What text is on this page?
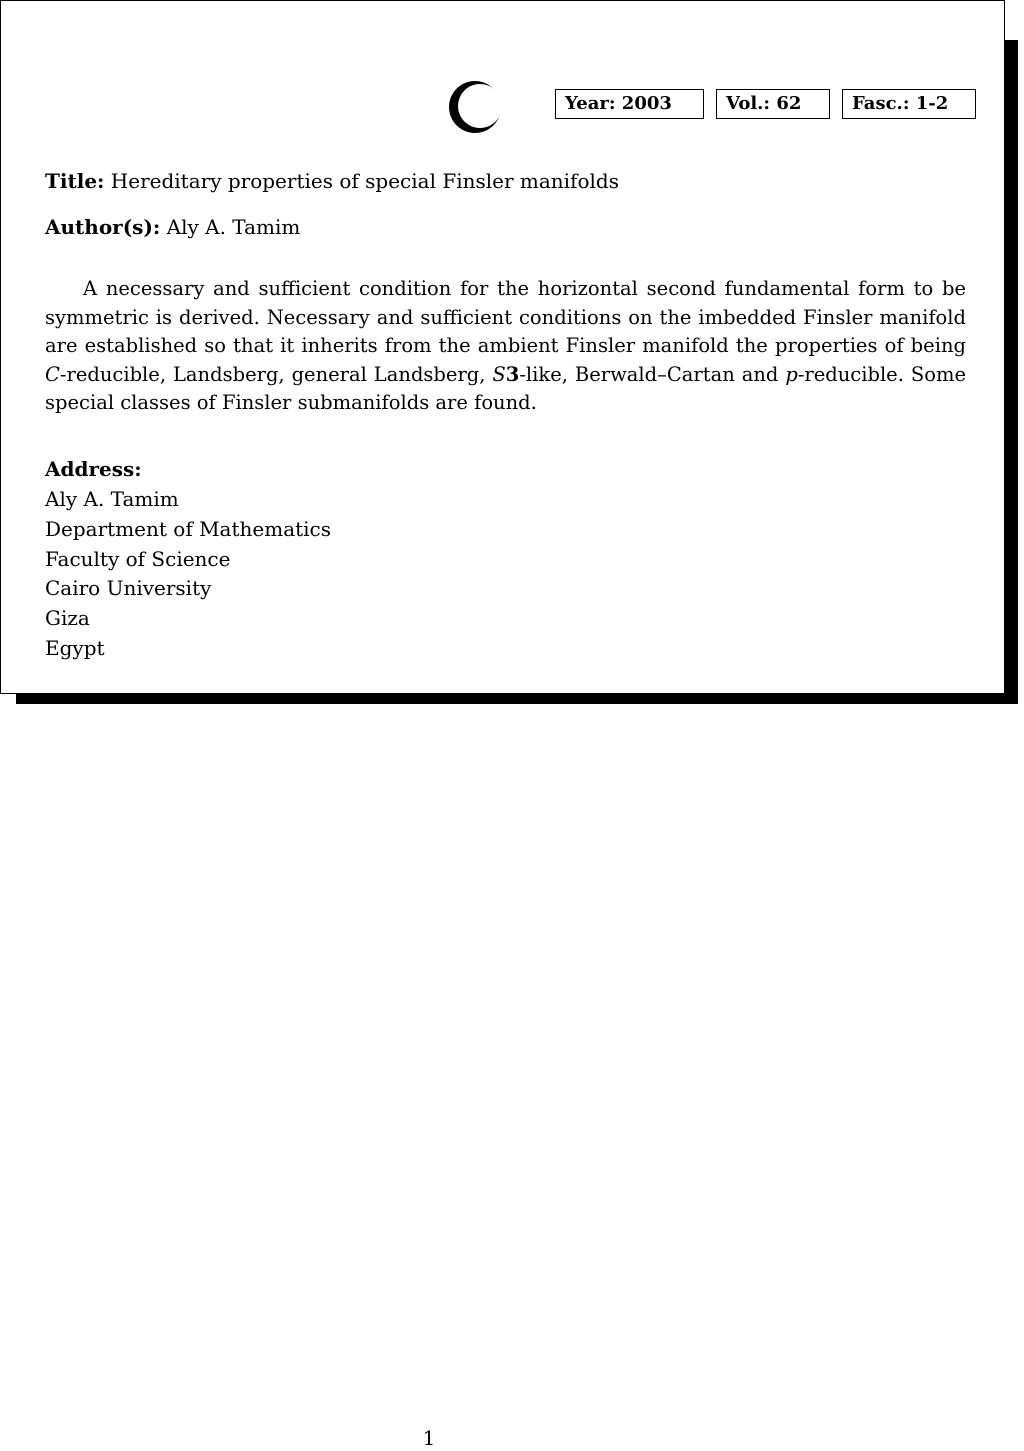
Year: 2003	Vol.: 62	Fasc.: 1-2
Title: Hereditary properties of special Finsler manifolds
Author(s): Aly A. Tamim

A necessary and sufficient condition for the horizontal second fundamental form to be symmetric is derived. Necessary and sufficient conditions on the imbedded Finsler manifold are established so that it inherits from the ambient Finsler manifold the properties of being C-reducible, Landsberg, general Landsberg, S3-like, Berwald–Cartan and p-reducible. Some special classes of Finsler submanifolds are found.

Address:
Aly A. Tamim
Department of Mathematics
Faculty of Science
Cairo University
Giza
Egypt
1
